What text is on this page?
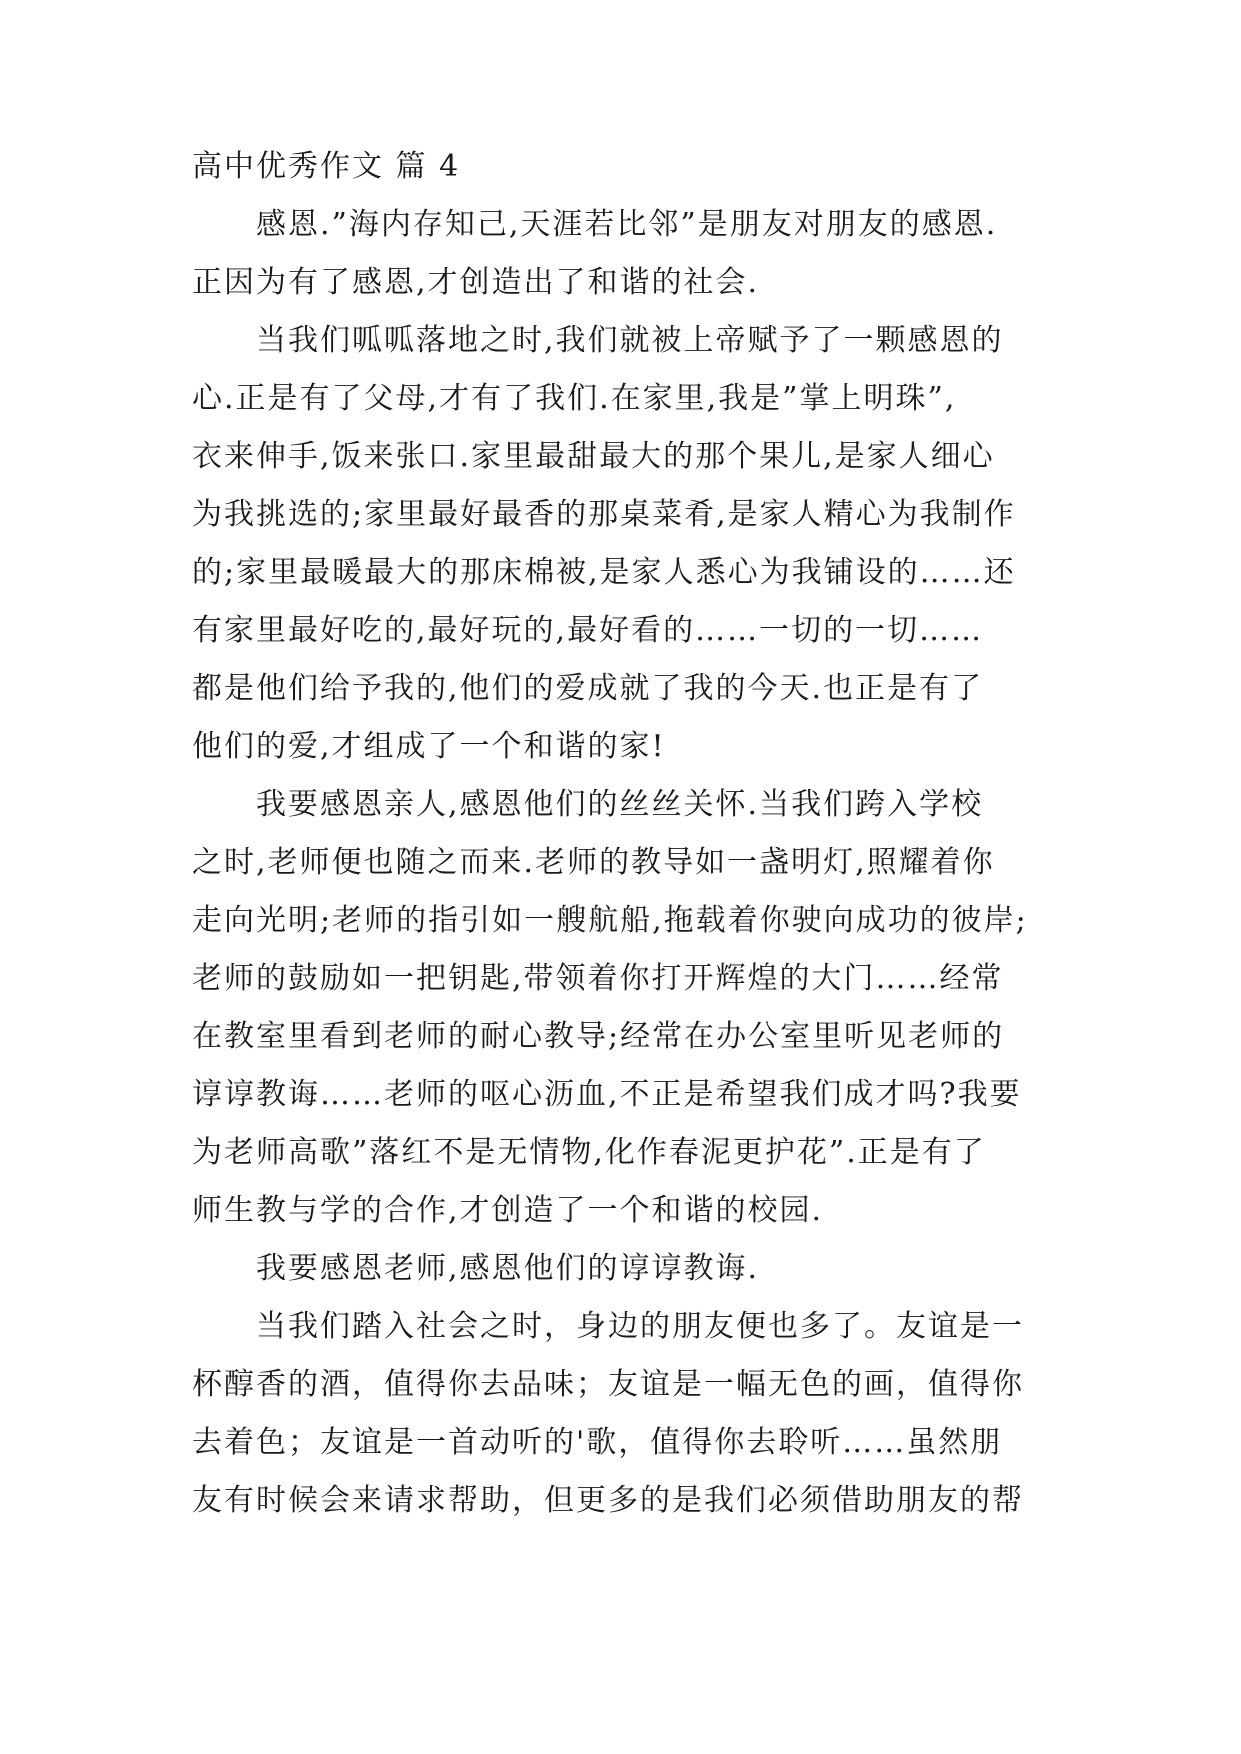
高中优秀作文 篇 4
感恩.”海内存知己,天涯若比邻”是朋友对朋友的感恩.
正因为有了感恩,才创造出了和谐的社会.
当我们呱呱落地之时,我们就被上帝赋予了一颗感恩的
心.正是有了父母,才有了我们.在家里,我是”掌上明珠”,
衣来伸手,饭来张口.家里最甜最大的那个果儿,是家人细心
为我挑选的;家里最好最香的那桌菜肴,是家人精心为我制作
的;家里最暖最大的那床棉被,是家人悉心为我铺设的……还
有家里最好吃的,最好玩的,最好看的……一切的一切……
都是他们给予我的,他们的爱成就了我的今天.也正是有了
他们的爱,才组成了一个和谐的家!
我要感恩亲人,感恩他们的丝丝关怀.当我们跨入学校
之时,老师便也随之而来.老师的教导如一盏明灯,照耀着你
走向光明;老师的指引如一艘航船,拖载着你驶向成功的彼岸;
老师的鼓励如一把钥匙,带领着你打开辉煌的大门……经常
在教室里看到老师的耐心教导;经常在办公室里听见老师的
谆谆教诲……老师的呕心沥血,不正是希望我们成才吗?我要
为老师高歌”落红不是无情物,化作春泥更护花”.正是有了
师生教与学的合作,才创造了一个和谐的校园.
我要感恩老师,感恩他们的谆谆教诲.
当我们踏入社会之时，身边的朋友便也多了。友谊是一
杯醇香的酒，值得你去品味；友谊是一幅无色的画，值得你
去着色；友谊是一首动听的'歌，值得你去聆听……虽然朋
友有时候会来请求帮助，但更多的是我们必须借助朋友的帮
